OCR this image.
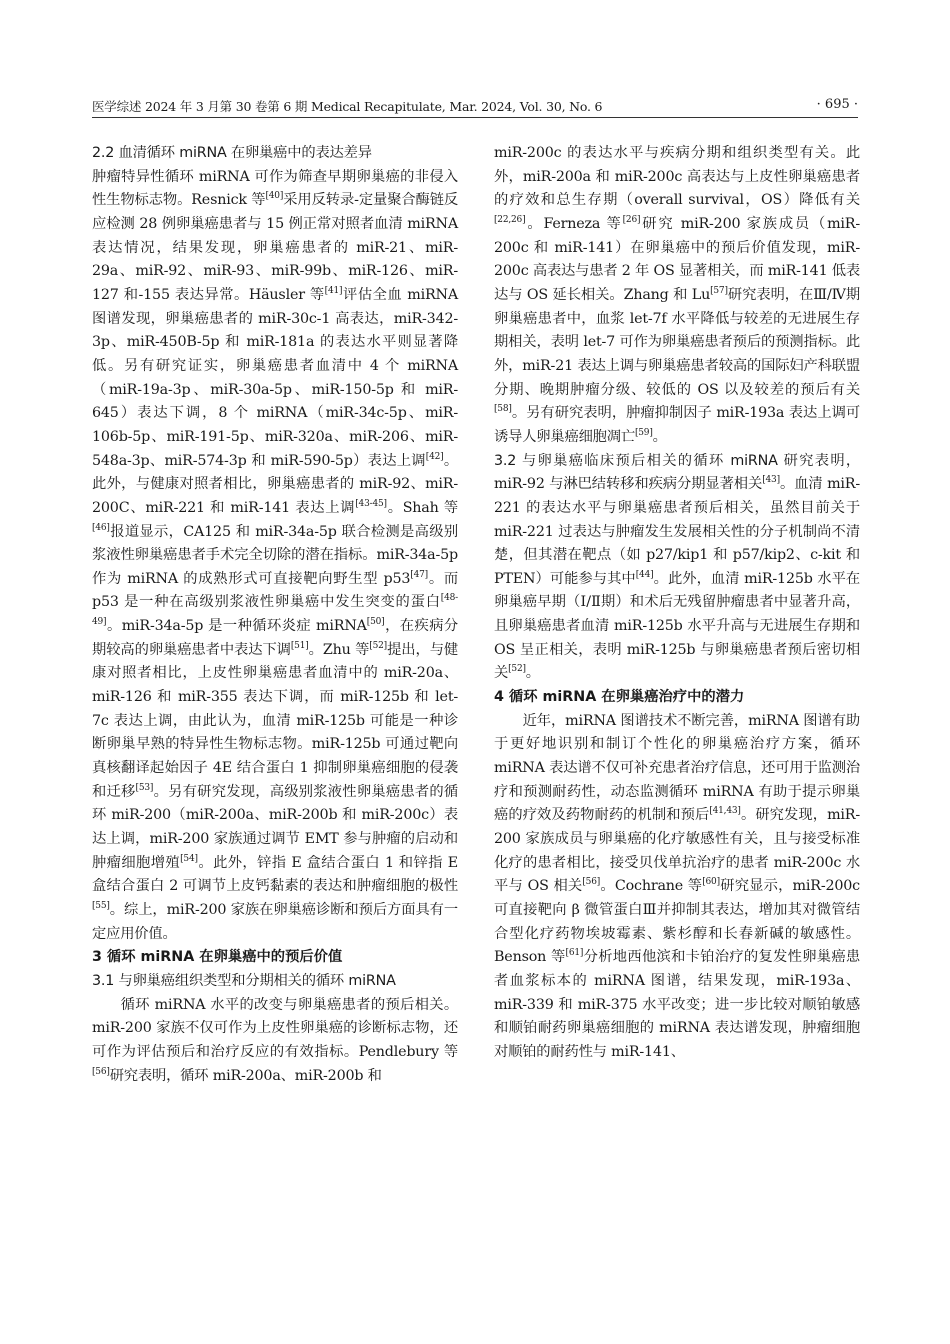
医学综述 2024 年 3 月第 30 卷第 6 期 Medical Recapitulate, Mar. 2024, Vol. 30, No. 6	· 695 ·

2.2 血清循环 miRNA 在卵巢癌中的表达差异

肿瘤特异性循环 miRNA 可作为筛查早期卵巢癌的非侵入性生物标志物。Resnick 等[40]采用反转录-定量聚合酶链反应检测 28 例卵巢癌患者与 15 例正常对照者血清 miRNA 表达情况，结果发现，卵巢癌患者的 miR-21、miR-29a、miR-92、miR-93、miR-99b、miR-126、miR-127 和-155 表达异常。Häusler 等[41]评估全血 miRNA 图谱发现，卵巢癌患者的 miR-30c-1 高表达，miR-342-3p、miR-450B-5p 和 miR-181a 的表达水平则显著降低。另有研究证实，卵巢癌患者血清中 4 个 miRNA（miR-19a-3p、miR-30a-5p、miR-150-5p 和 miR-645）表达下调，8 个 miRNA（miR-34c-5p、miR-106b-5p、miR-191-5p、miR-320a、miR-206、miR-548a-3p、miR-574-3p 和 miR-590-5p）表达上调[42]。此外，与健康对照者相比，卵巢癌患者的 miR-92、miR-200C、miR-221 和 miR-141 表达上调[43-45]。Shah 等[46]报道显示，CA125 和 miR-34a-5p 联合检测是高级别浆液性卵巢癌患者手术完全切除的潜在指标。miR-34a-5p 作为 miRNA 的成熟形式可直接靶向野生型 p53[47]。而 p53 是一种在高级别浆液性卵巢癌中发生突变的蛋白[48-49]。miR-34a-5p 是一种循环炎症 miRNA[50]，在疾病分期较高的卵巢癌患者中表达下调[51]。Zhu 等[52]提出，与健康对照者相比，上皮性卵巢癌患者血清中的 miR-20a、miR-126 和 miR-355 表达下调，而 miR-125b 和 let-7c 表达上调，由此认为，血清 miR-125b 可能是一种诊断卵巢早熟的特异性生物标志物。miR-125b 可通过靶向真核翻译起始因子 4E 结合蛋白 1 抑制卵巢癌细胞的侵袭和迁移[53]。另有研究发现，高级别浆液性卵巢癌患者的循环 miR-200（miR-200a、miR-200b 和 miR-200c）表达上调，miR-200 家族通过调节 EMT 参与肿瘤的启动和肿瘤细胞增殖[54]。此外，锌指 E 盒结合蛋白 1 和锌指 E 盒结合蛋白 2 可调节上皮钙黏素的表达和肿瘤细胞的极性[55]。综上，miR-200 家族在卵巢癌诊断和预后方面具有一定应用价值。

3 循环 miRNA 在卵巢癌中的预后价值

3.1 与卵巢癌组织类型和分期相关的循环 miRNA

循环 miRNA 水平的改变与卵巢癌患者的预后相关。miR-200 家族不仅可作为上皮性卵巢癌的诊断标志物，还可作为评估预后和治疗反应的有效指标。Pendlebury 等[56]研究表明，循环 miR-200a、miR-200b 和

miR-200c 的表达水平与疾病分期和组织类型有关。此外，miR-200a 和 miR-200c 高表达与上皮性卵巢癌患者的疗效和总生存期（overall survival，OS）降低有关[22,26]。Ferneza 等[26]研究 miR-200 家族成员（miR-200c 和 miR-141）在卵巢癌中的预后价值发现，miR-200c 高表达与患者 2 年 OS 显著相关，而 miR-141 低表达与 OS 延长相关。Zhang 和 Lu[57]研究表明，在Ⅲ/Ⅳ期卵巢癌患者中，血浆 let-7f 水平降低与较差的无进展生存期相关，表明 let-7 可作为卵巢癌患者预后的预测指标。此外，miR-21 表达上调与卵巢癌患者较高的国际妇产科联盟分期、晚期肿瘤分级、较低的 OS 以及较差的预后有关[58]。另有研究表明，肿瘤抑制因子 miR-193a 表达上调可诱导人卵巢癌细胞凋亡[59]。

3.2 与卵巢癌临床预后相关的循环 miRNA 研究表明，miR-92 与淋巴结转移和疾病分期显著相关[43]。血清 miR-221 的表达水平与卵巢癌患者预后相关，虽然目前关于 miR-221 过表达与肿瘤发生发展相关性的分子机制尚不清楚，但其潜在靶点（如 p27/kip1 和 p57/kip2、c-kit 和 PTEN）可能参与其中[44]。此外，血清 miR-125b 水平在卵巢癌早期（Ⅰ/Ⅱ期）和术后无残留肿瘤患者中显著升高，且卵巢癌患者血清 miR-125b 水平升高与无进展生存期和 OS 呈正相关，表明 miR-125b 与卵巢癌患者预后密切相关[52]。

4 循环 miRNA 在卵巢癌治疗中的潜力

近年，miRNA 图谱技术不断完善，miRNA 图谱有助于更好地识别和制订个性化的卵巢癌治疗方案，循环 miRNA 表达谱不仅可补充患者治疗信息，还可用于监测治疗和预测耐药性，动态监测循环 miRNA 有助于提示卵巢癌的疗效及药物耐药的机制和预后[41,43]。研究发现，miR-200 家族成员与卵巢癌的化疗敏感性有关，且与接受标准化疗的患者相比，接受贝伐单抗治疗的患者 miR-200c 水平与 OS 相关[56]。Cochrane 等[60]研究显示，miR-200c 可直接靶向 β 微管蛋白Ⅲ并抑制其表达，增加其对微管结合型化疗药物埃坡霉素、紫杉醇和长春新碱的敏感性。Benson 等[61]分析地西他滨和卡铂治疗的复发性卵巢癌患者血浆标本的 miRNA 图谱，结果发现，miR-193a、miR-339 和 miR-375 水平改变；进一步比较对顺铂敏感和顺铂耐药卵巢癌细胞的 miRNA 表达谱发现，肿瘤细胞对顺铂的耐药性与 miR-141、
